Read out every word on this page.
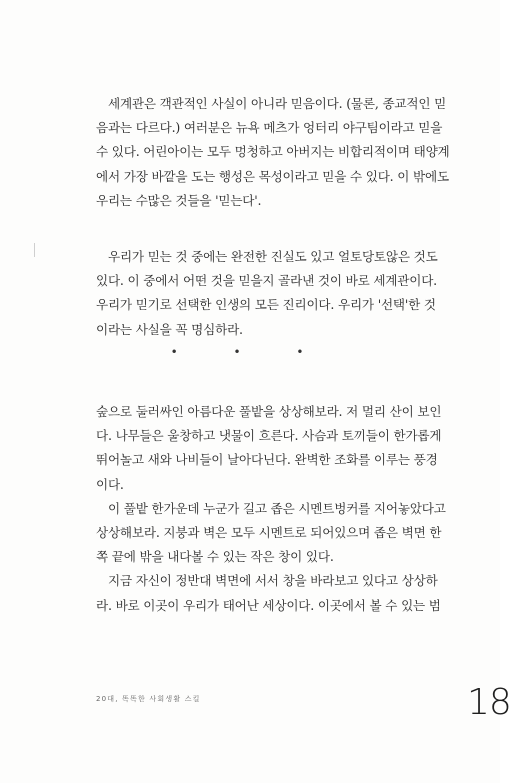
세계관은 객관적인 사실이 아니라 믿음이다. (물론, 종교적인 믿
음과는 다르다.) 여러분은 뉴욕 메츠가 엉터리 야구팀이라고 믿을
수 있다. 어린아이는 모두 멍청하고 아버지는 비합리적이며 태양계
에서 가장 바깥을 도는 행성은 목성이라고 믿을 수 있다. 이 밖에도
우리는 수많은 것들을 '믿는다'.
우리가 믿는 것 중에는 완전한 진실도 있고 얼토당토않은 것도
있다. 이 중에서 어떤 것을 믿을지 골라낸 것이 바로 세계관이다.
우리가 믿기로 선택한 인생의 모든 진리이다. 우리가 '선택'한 것
이라는 사실을 꼭 명심하라.
• • •
숲으로 둘러싸인 아름다운 풀밭을 상상해보라. 저 멀리 산이 보인
다. 나무들은 울창하고 냇물이 흐른다. 사슴과 토끼들이 한가롭게
뛰어놀고 새와 나비들이 날아다닌다. 완벽한 조화를 이루는 풍경
이다.
이 풀밭 한가운데 누군가 길고 좁은 시멘트벙커를 지어놓았다고
상상해보라. 지붕과 벽은 모두 시멘트로 되어있으며 좁은 벽면 한
쪽 끝에 밖을 내다볼 수 있는 작은 창이 있다.
지금 자신이 정반대 벽면에 서서 창을 바라보고 있다고 상상하
라. 바로 이곳이 우리가 태어난 세상이다. 이곳에서 볼 수 있는 범
20대, 똑똑한 사회생활 스킬	18
